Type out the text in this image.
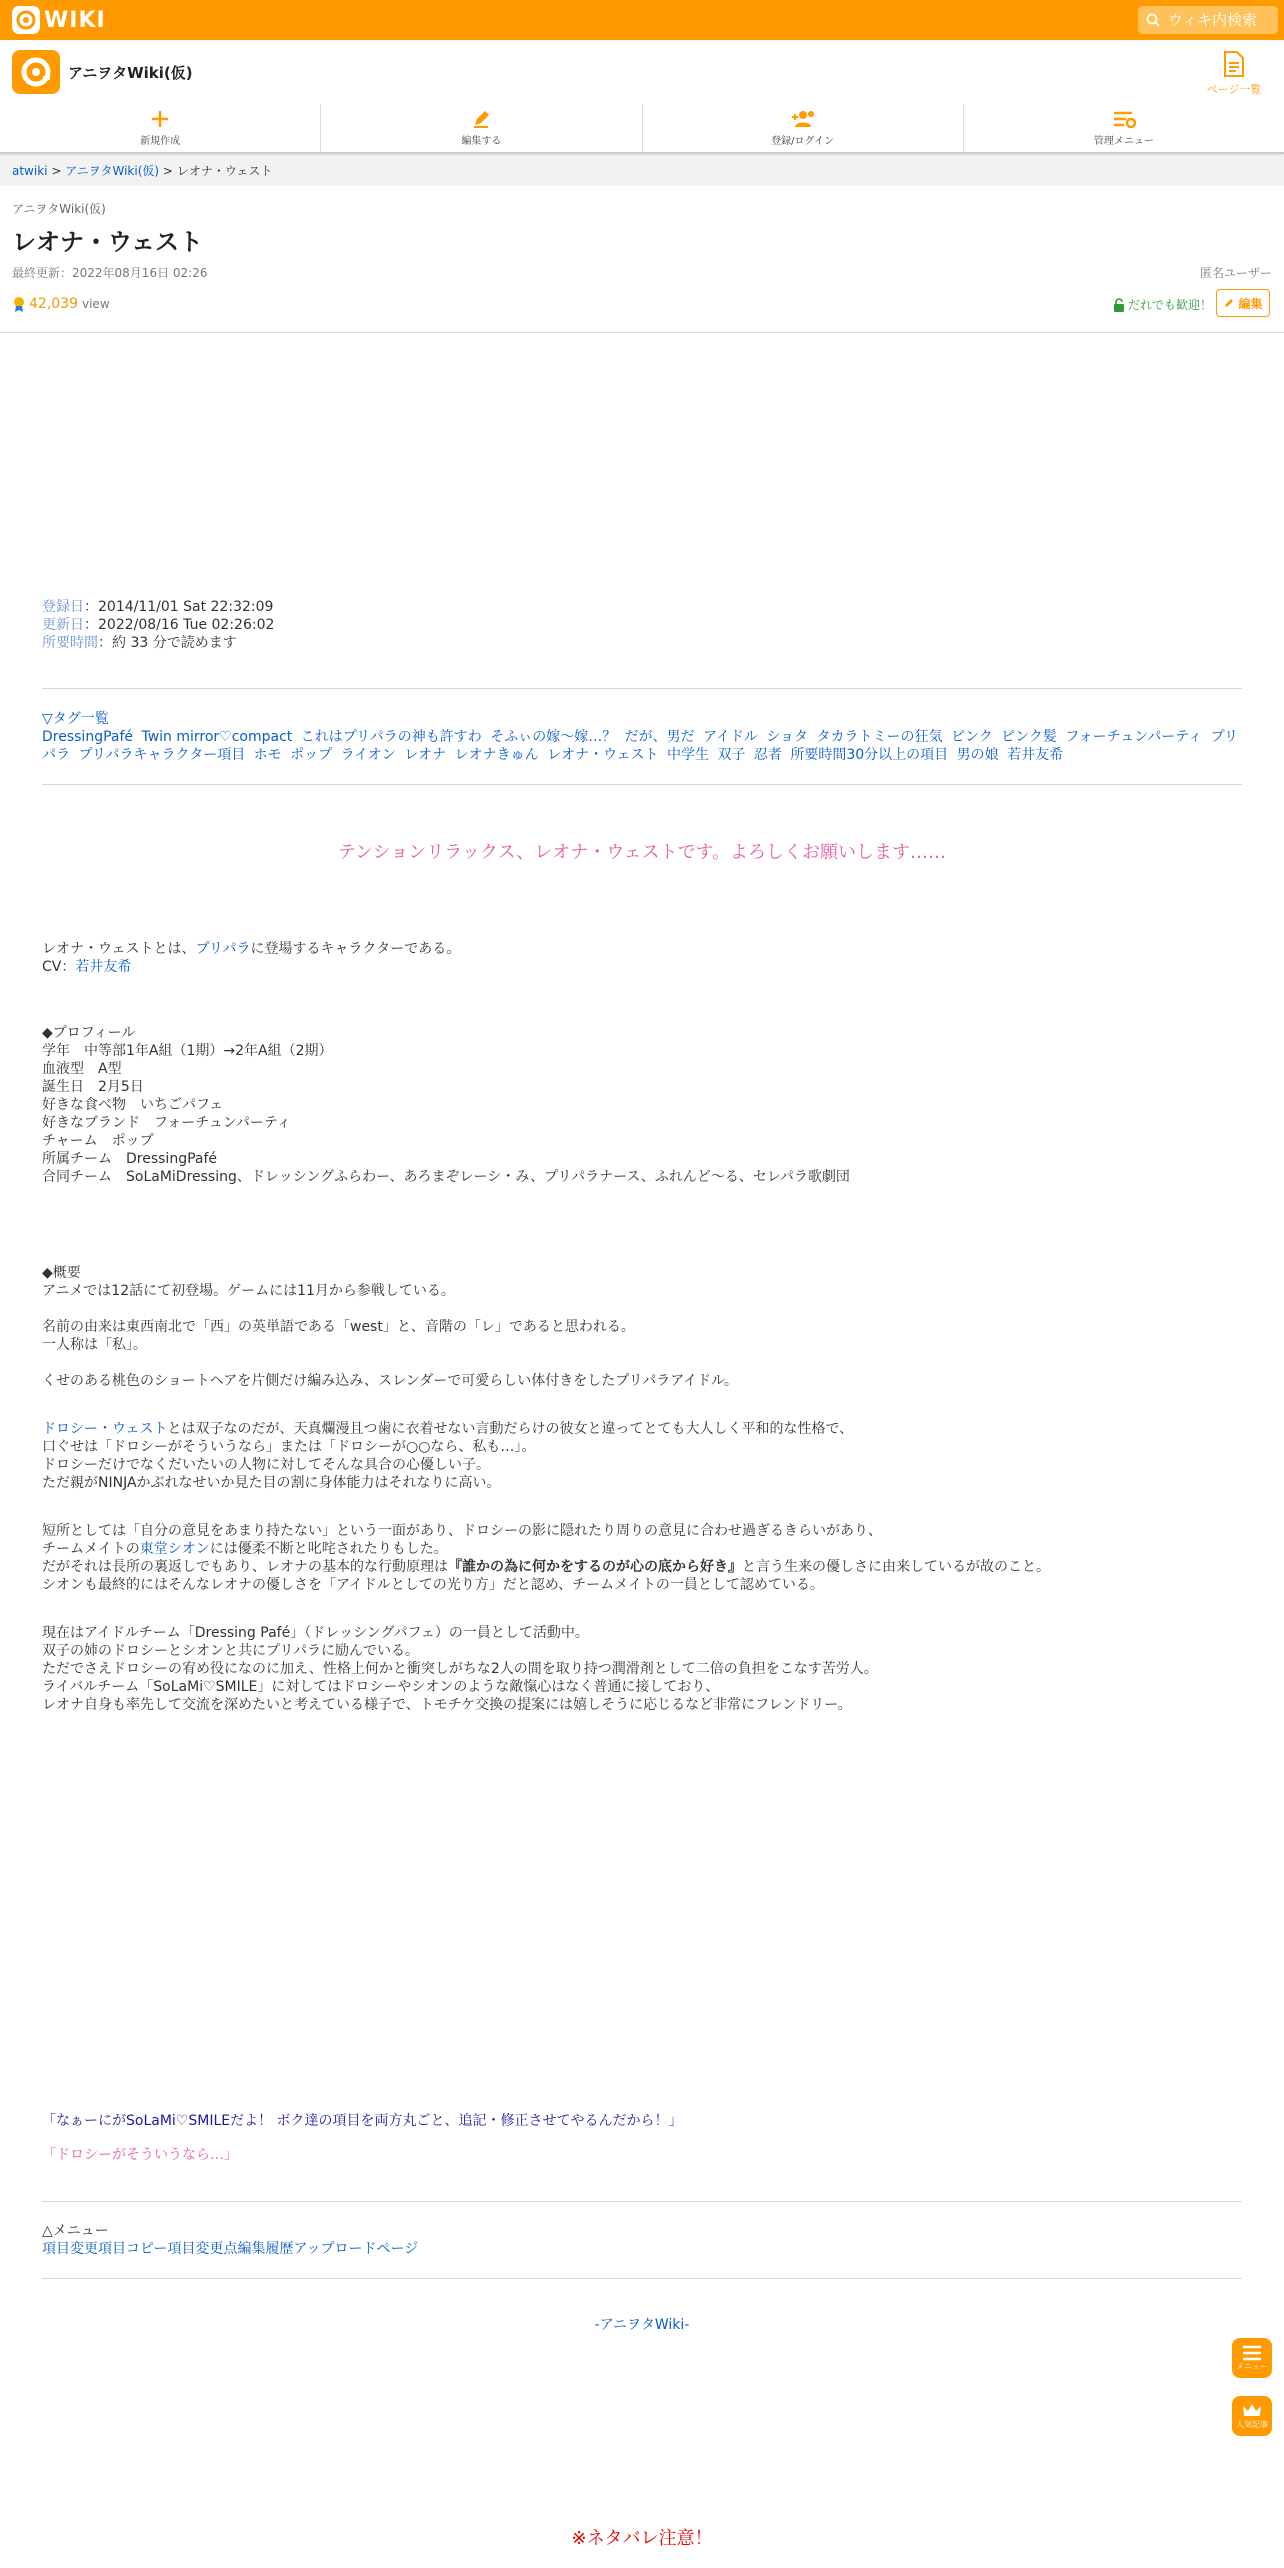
WIKI
ウィキ内検索
アニヲタWiki(仮)
ページ一覧
新規作成	編集する	登録/ログイン	管理メニュー
atwiki > アニヲタWiki(仮) > レオナ・ウェスト
アニヲタWiki(仮)
レオナ・ウェスト
最終更新：2022年08月16日 02:26	匿名ユーザー
42,039 view	だれでも歓迎！ 編集

登録日：2014/11/01 Sat 22:32:09

更新日：2022/08/16 Tue 02:26:02

所要時間：約 33 分で読めます

▽タグ一覧

DressingPafé Twin mirror♡compact これはプリパラの神も許すわ そふぃの嫁～嫁…？ だが、男だ アイドル ショタ タカラトミーの狂気 ピンク ピンク髪 フォーチュンパーティ プリパラ プリパラキャラクター項目 ホモ ポップ ライオン レオナ レオナきゅん レオナ・ウェスト 中学生 双子 忍者 所要時間30分以上の項目 男の娘 若井友希

テンションリラックス、レオナ・ウェストです。よろしくお願いします‥‥‥

レオナ・ウェストとは、プリパラに登場するキャラクターである。

CV：若井友希

◆プロフィール

学年　中等部1年A組（1期）→2年A組（2期）

血液型　A型

誕生日　2月5日

好きな食べ物　いちごパフェ

好きなブランド　フォーチュンパーティ

チャーム　ポップ

所属チーム　DressingPafé

合同チーム　SoLaMiDressing、ドレッシングふらわー、あろまぞレーシ・み、プリパラナース、ふれんど～る、セレパラ歌劇団

◆概要

アニメでは12話にて初登場。ゲームには11月から参戦している。

名前の由来は東西南北で「西」の英単語である「west」と、音階の「レ」であると思われる。

一人称は「私」。

くせのある桃色のショートヘアを片側だけ編み込み、スレンダーで可愛らしい体付きをしたプリパラアイドル。

ドロシー・ウェストとは双子なのだが、天真爛漫且つ歯に衣着せない言動だらけの彼女と違ってとても大人しく平和的な性格で、

口ぐせは「ドロシーがそういうなら」または「ドロシーが○○なら、私も…」。

ドロシーだけでなくだいたいの人物に対してそんな具合の心優しい子。

ただ親がNINJAかぶれなせいか見た目の割に身体能力はそれなりに高い。

短所としては「自分の意見をあまり持たない」という一面があり、ドロシーの影に隠れたり周りの意見に合わせ過ぎるきらいがあり、

チームメイトの東堂シオンには優柔不断と叱咤されたりもした。

だがそれは長所の裏返しでもあり、レオナの基本的な行動原理は『誰かの為に何かをするのが心の底から好き』と言う生来の優しさに由来しているが故のこと。

シオンも最終的にはそんなレオナの優しさを「アイドルとしての光り方」だと認め、チームメイトの一員として認めている。

現在はアイドルチーム「Dressing Pafé」（ドレッシングパフェ）の一員として活動中。

双子の姉のドロシーとシオンと共にプリパラに励んでいる。

ただでさえドロシーの宥め役になのに加え、性格上何かと衝突しがちな2人の間を取り持つ潤滑剤として二倍の負担をこなす苦労人。

ライバルチーム「SoLaMi♡SMILE」に対してはドロシーやシオンのような敵愾心はなく普通に接しており、

レオナ自身も率先して交流を深めたいと考えている様子で、トモチケ交換の提案には嬉しそうに応じるなど非常にフレンドリー。

「なぁーにがSoLaMi♡SMILEだよ！ ボク達の項目を両方丸ごと、追記・修正させてやるんだから！」
「ドロシーがそういうなら…」

△メニュー

項目変更項目コピー項目変更点編集履歴アップロードページ

-アニヲタWiki-
メニュー
人気記事
※ネタバレ注意！
